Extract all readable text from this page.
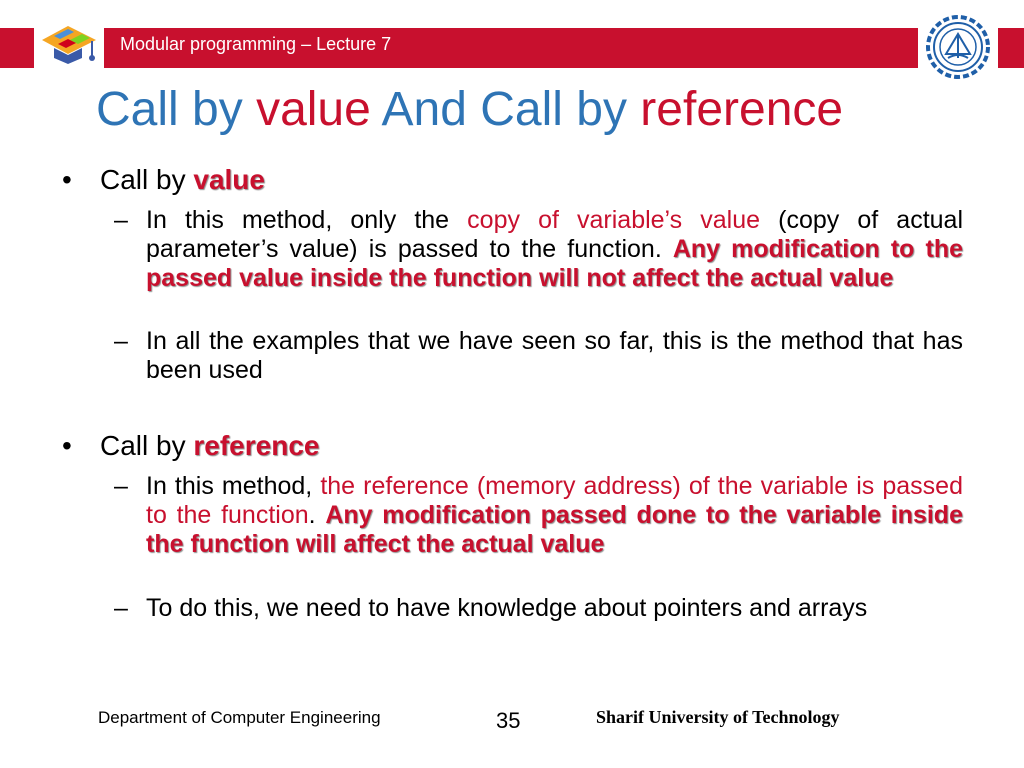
Modular programming – Lecture 7
Call by value And Call by reference
• Call by value
– In this method, only the copy of variable’s value (copy of actual parameter’s value) is passed to the function. Any modification to the passed value inside the function will not affect the actual value
– In all the examples that we have seen so far, this is the method that has been used
• Call by reference
– In this method, the reference (memory address) of the variable is passed to the function. Any modification passed done to the variable inside the function will affect the actual value
– To do this, we need to have knowledge about pointers and arrays
Department of Computer Engineering	35	Sharif University of Technology
